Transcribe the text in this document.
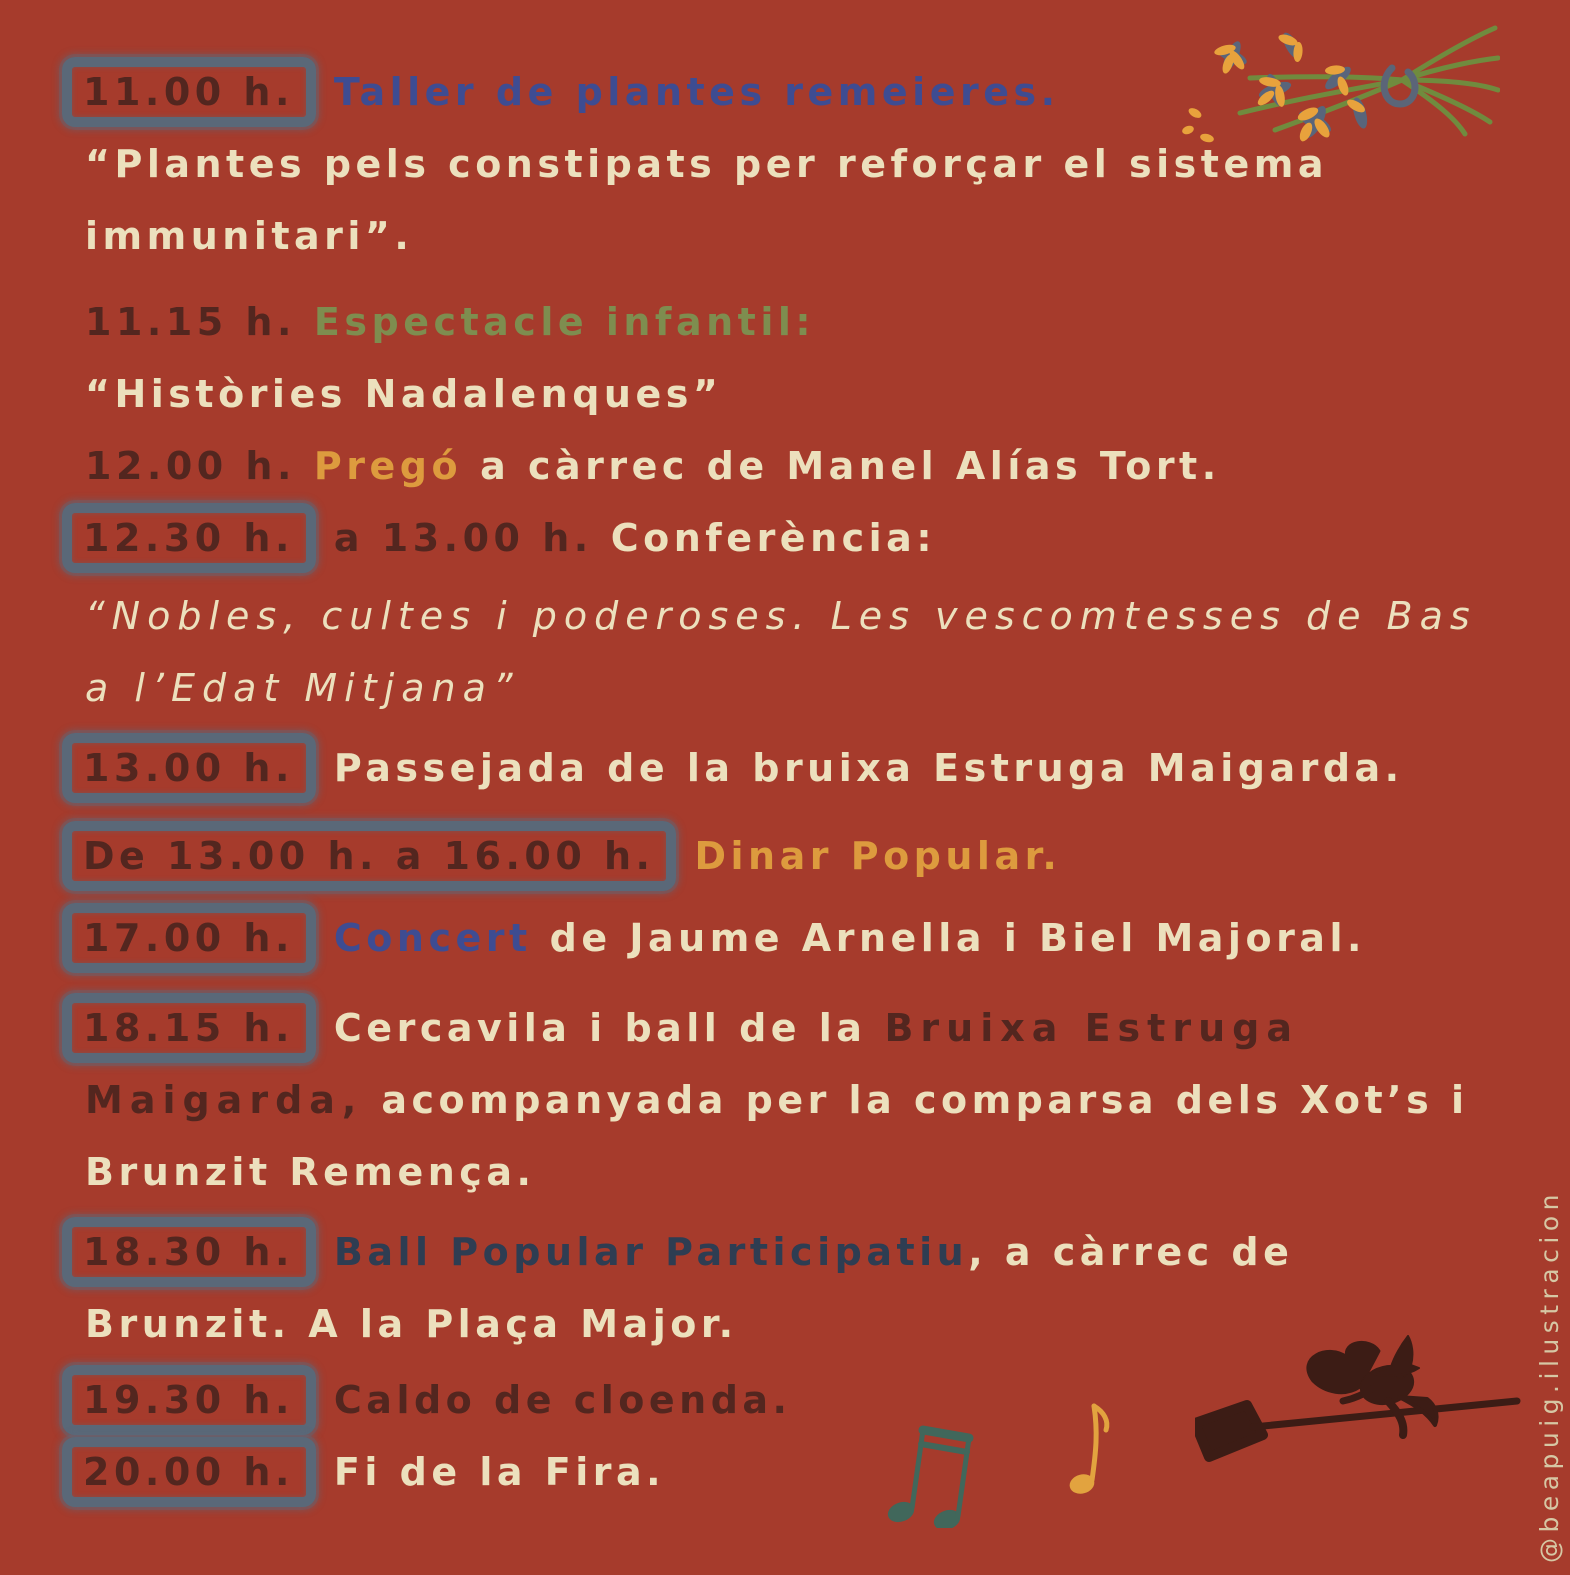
11.00 h. Taller de plantes remeieres.
“Plantes pels constipats per reforçar el sistema
immunitari”.
11.15 h. Espectacle infantil:
“Històries Nadalenques”
12.00 h. Pregó a càrrec de Manel Alías Tort.
12.30 h. a 13.00 h. Conferència:
“Nobles, cultes i poderoses. Les vescomtesses de Bas
a l’Edat Mitjana”
13.00 h. Passejada de la bruixa Estruga Maigarda.
De 13.00 h. a 16.00 h. Dinar Popular.
17.00 h. Concert de Jaume Arnella i Biel Majoral.
18.15 h. Cercavila i ball de la Bruixa Estruga
Maigarda, acompanyada per la comparsa dels Xot’s i
Brunzit Remença.
18.30 h. Ball Popular Participatiu, a càrrec de
Brunzit. A la Plaça Major.
19.30 h. Caldo de cloenda.
20.00 h. Fi de la Fira.	@beapuig.ilustracion
